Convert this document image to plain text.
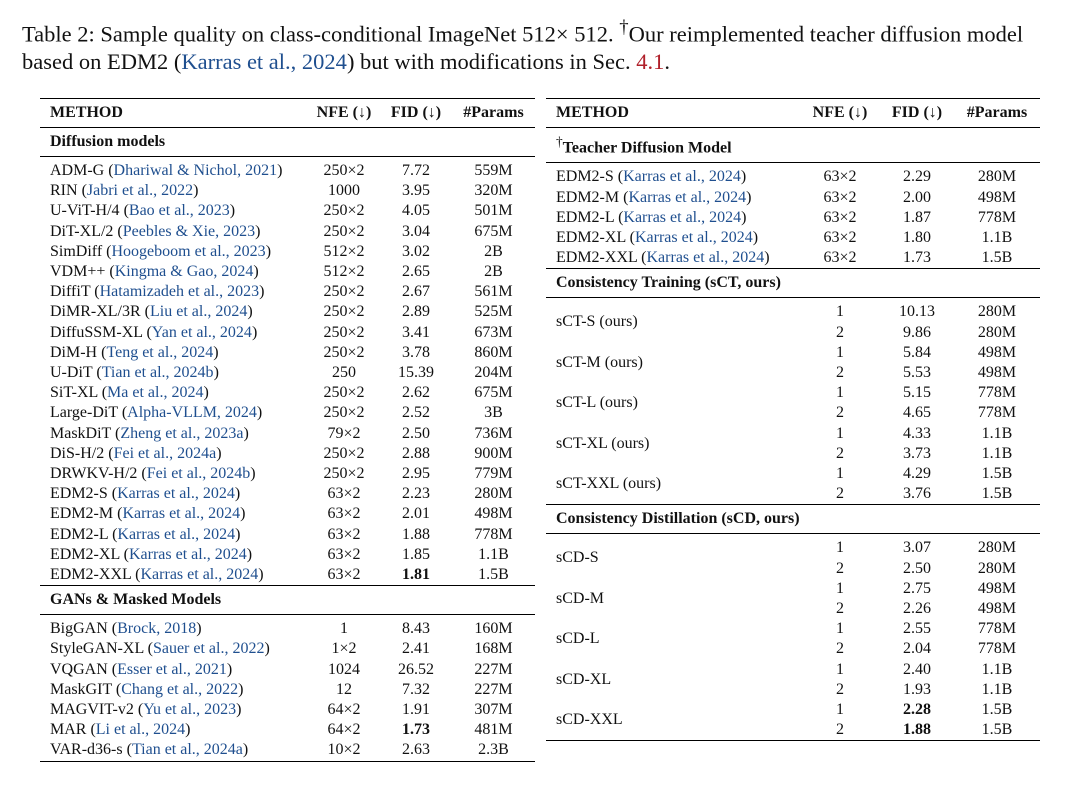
Table 2: Sample quality on class-conditional ImageNet 512× 512. †Our reimplemented teacher diffusion model based on EDM2 (Karras et al., 2024) but with modifications in Sec. 4.1.
METHOD	NFE (↓)	FID (↓)	#Params
Diffusion models			
ADM-G (Dhariwal & Nichol, 2021)	250×2	7.72	559M
RIN (Jabri et al., 2022)	1000	3.95	320M
U-ViT-H/4 (Bao et al., 2023)	250×2	4.05	501M
DiT-XL/2 (Peebles & Xie, 2023)	250×2	3.04	675M
SimDiff (Hoogeboom et al., 2023)	512×2	3.02	2B
VDM++ (Kingma & Gao, 2024)	512×2	2.65	2B
DiffiT (Hatamizadeh et al., 2023)	250×2	2.67	561M
DiMR-XL/3R (Liu et al., 2024)	250×2	2.89	525M
DiffuSSM-XL (Yan et al., 2024)	250×2	3.41	673M
DiM-H (Teng et al., 2024)	250×2	3.78	860M
U-DiT (Tian et al., 2024b)	250	15.39	204M
SiT-XL (Ma et al., 2024)	250×2	2.62	675M
Large-DiT (Alpha-VLLM, 2024)	250×2	2.52	3B
MaskDiT (Zheng et al., 2023a)	79×2	2.50	736M
DiS-H/2 (Fei et al., 2024a)	250×2	2.88	900M
DRWKV-H/2 (Fei et al., 2024b)	250×2	2.95	779M
EDM2-S (Karras et al., 2024)	63×2	2.23	280M
EDM2-M (Karras et al., 2024)	63×2	2.01	498M
EDM2-L (Karras et al., 2024)	63×2	1.88	778M
EDM2-XL (Karras et al., 2024)	63×2	1.85	1.1B
EDM2-XXL (Karras et al., 2024)	63×2	1.81	1.5B
GANs & Masked Models			
BigGAN (Brock, 2018)	1	8.43	160M
StyleGAN-XL (Sauer et al., 2022)	1×2	2.41	168M
VQGAN (Esser et al., 2021)	1024	26.52	227M
MaskGIT (Chang et al., 2022)	12	7.32	227M
MAGVIT-v2 (Yu et al., 2023)	64×2	1.91	307M
MAR (Li et al., 2024)	64×2	1.73	481M
VAR-d36-s (Tian et al., 2024a)	10×2	2.63	2.3B
METHOD	NFE (↓)	FID (↓)	#Params
†Teacher Diffusion Model			
EDM2-S (Karras et al., 2024)	63×2	2.29	280M
EDM2-M (Karras et al., 2024)	63×2	2.00	498M
EDM2-L (Karras et al., 2024)	63×2	1.87	778M
EDM2-XL (Karras et al., 2024)	63×2	1.80	1.1B
EDM2-XXL (Karras et al., 2024)	63×2	1.73	1.5B
Consistency Training (sCT, ours)			
sCT-S (ours)	1	10.13	280M
	2	9.86	280M
sCT-M (ours)	1	5.84	498M
	2	5.53	498M
sCT-L (ours)	1	5.15	778M
	2	4.65	778M
sCT-XL (ours)	1	4.33	1.1B
	2	3.73	1.1B
sCT-XXL (ours)	1	4.29	1.5B
	2	3.76	1.5B
Consistency Distillation (sCD, ours)			
sCD-S	1	3.07	280M
	2	2.50	280M
sCD-M	1	2.75	498M
	2	2.26	498M
sCD-L	1	2.55	778M
	2	2.04	778M
sCD-XL	1	2.40	1.1B
	2	1.93	1.1B
sCD-XXL	1	2.28	1.5B
	2	1.88	1.5B
